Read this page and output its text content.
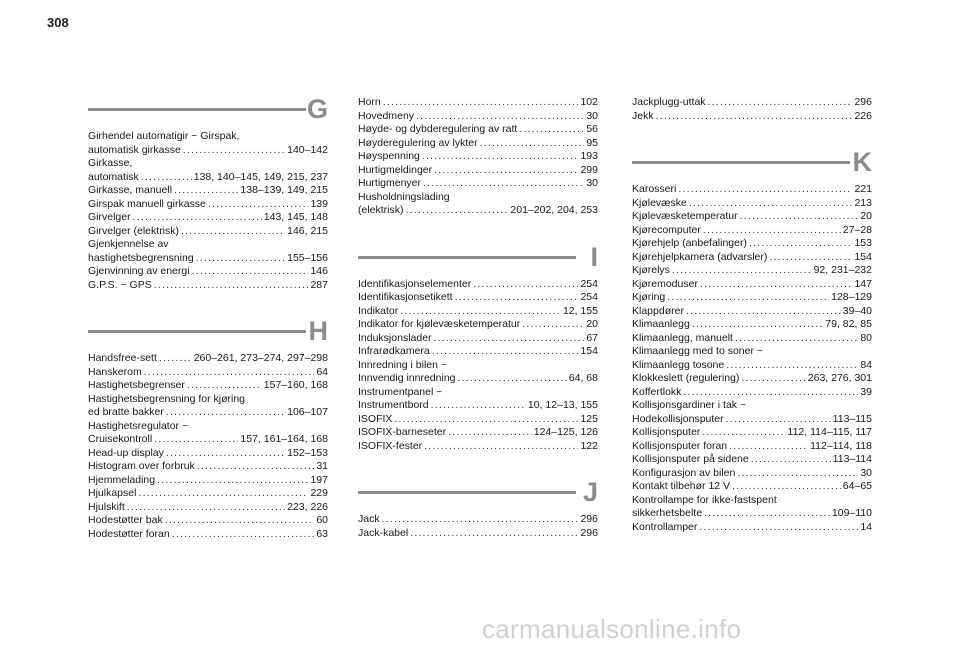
308
G
Girhendel automatigir ~ Girspak,
automatisk girkasse .....	140–142
Girkasse,
automatisk .....	138, 140–145, 149, 215, 237
Girkasse, manuell .....	138–139, 149, 215
Girspak manuell girkasse .....	139
Girvelger .....	143, 145, 148
Girvelger (elektrisk) .....	146, 215
Gjenkjennelse av
hastighetsbegrensning .....	155–156
Gjenvinning av energi .....	146
G.P.S. ~ GPS .....	287
H
Handsfree-sett .....	260–261, 273–274, 297–298
Hanskerom .....	64
Hastighetsbegrenser .....	157–160, 168
Hastighetsbegrensning for kjøring
ed bratte bakker .....	106–107
Hastighetsregulator ~
Cruisekontroll .....	157, 161–164, 168
Head-up display .....	152–153
Histogram over forbruk .....	31
Hjemmelading .....	197
Hjulkapsel .....	229
Hjulskift .....	223, 226
Hodestøtter bak .....	60
Hodestøtter foran .....	63
Horn .....	102
Hovedmeny .....	30
Høyde- og dybderegulering av ratt .....	56
Høyderegulering av lykter .....	95
Høyspenning .....	193
Hurtigmeldinger .....	299
Hurtigmenyer .....	30
Husholdningslading
(elektrisk) .....	201–202, 204, 253
I
Identifikasjonselementer .....	254
Identifikasjonsetikett .....	254
Indikator .....	12, 155
Indikator for kjølevæsketemperatur .....	20
Induksjonslader .....	67
Infrarødkamera .....	154
Innredning i bilen ~
Innvendig innredning .....	64, 68
Instrumentpanel ~
Instrumentbord .....	10, 12–13, 155
ISOFIX .....	125
ISOFIX-barneseter .....	124–125, 126
ISOFIX-fester .....	122
J
Jack .....	296
Jack-kabel .....	296
Jackplugg-uttak .....	296
Jekk .....	226
K
Karosseri .....	221
Kjølevæske .....	213
Kjølevæsketemperatur .....	20
Kjørecomputer .....	27–28
Kjørehjelp (anbefalinger) .....	153
Kjørehjelpkamera (advarsler) .....	154
Kjørelys .....	92, 231–232
Kjøremoduser .....	147
Kjøring .....	128–129
Klappdører .....	39–40
Klimaanlegg .....	79, 82, 85
Klimaanlegg, manuelt .....	80
Klimaanlegg med to soner ~
Klimaanlegg tosone .....	84
Klokkeslett (regulering) .....	263, 276, 301
Koffertlokk .....	39
Kollisjonsgardiner i tak ~
Hodekollisjonsputer .....	113–115
Kollisjonsputer .....	112, 114–115, 117
Kollisjonsputer foran .....	112–114, 118
Kollisjonsputer på sidene .....	113–114
Konfigurasjon av bilen .....	30
Kontakt tilbehør 12 V .....	64–65
Kontrollampe for ikke-fastspent
sikkerhetsbelte .....	109–110
Kontrollamper .....	14
carmanualsonline.info
